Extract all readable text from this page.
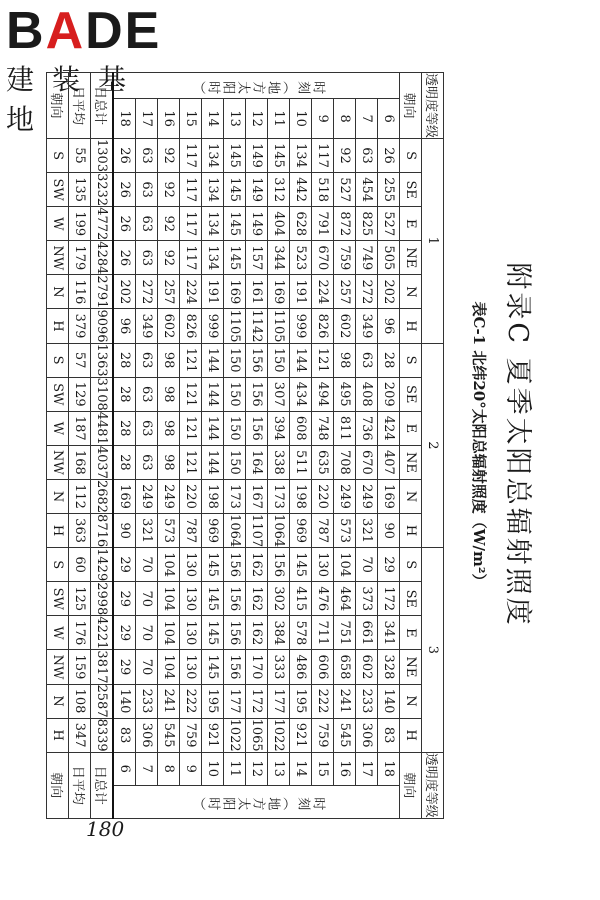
BADE
建装基地
180
附录C 夏季太阳总辐射照度
表C-1 北纬20°太阳总辐射照度（W/m²）
透明度等级		1						2						3						透明度等级	
朝向		S	SE	E	NE	N	H	S	SE	E	NE	N	H	S	SE	E	NE	N	H	朝向	
时刻（地方太阳时）	6	26	255	527	505	202	96	28	209	424	407	169	90	29	172	341	328	140	83	18	时刻（地方太阳时）
	7	63	454	825	749	272	349	63	408	736	670	249	321	70	373	661	602	233	306	17	
	8	92	527	872	759	257	602	98	495	811	708	249	573	104	464	751	658	241	545	16	
	9	117	518	791	670	224	826	121	494	748	635	220	787	130	476	711	606	222	759	15	
	10	134	442	628	523	191	999	144	434	608	511	198	969	145	415	578	486	195	921	14	
	11	145	312	404	344	169	1105	150	307	394	338	173	1064	156	302	384	333	177	1022	13	
	12	149	149	149	157	161	1142	156	156	156	164	167	1107	162	162	162	170	172	1065	12	
	13	145	145	145	145	169	1105	150	150	150	150	173	1064	156	156	156	156	177	1022	11	
	14	134	134	134	134	191	999	144	144	144	144	198	969	145	145	145	145	195	921	10	
	15	117	117	117	117	224	826	121	121	121	121	220	787	130	130	130	130	222	759	9	
	16	92	92	92	92	257	602	98	98	98	98	249	573	104	104	104	104	241	545	8	
	17	63	63	63	63	272	349	63	63	63	63	249	321	70	70	70	70	233	306	7	
	18	26	26	26	26	202	96	28	28	28	28	169	90	29	29	29	29	140	83	6	
日总计		1303	3232	4772	4284	2791	9096	1363	3108	4481	4037	2682	8716	1429	2998	4221	3817	2587	8339	日总计	
日平均		55	135	199	179	116	379	57	129	187	168	112	363	60	125	176	159	108	347	日平均	
朝向		S	SW	W	NW	N	H	S	SW	W	NW	N	H	S	SW	W	NW	N	H	朝向	
